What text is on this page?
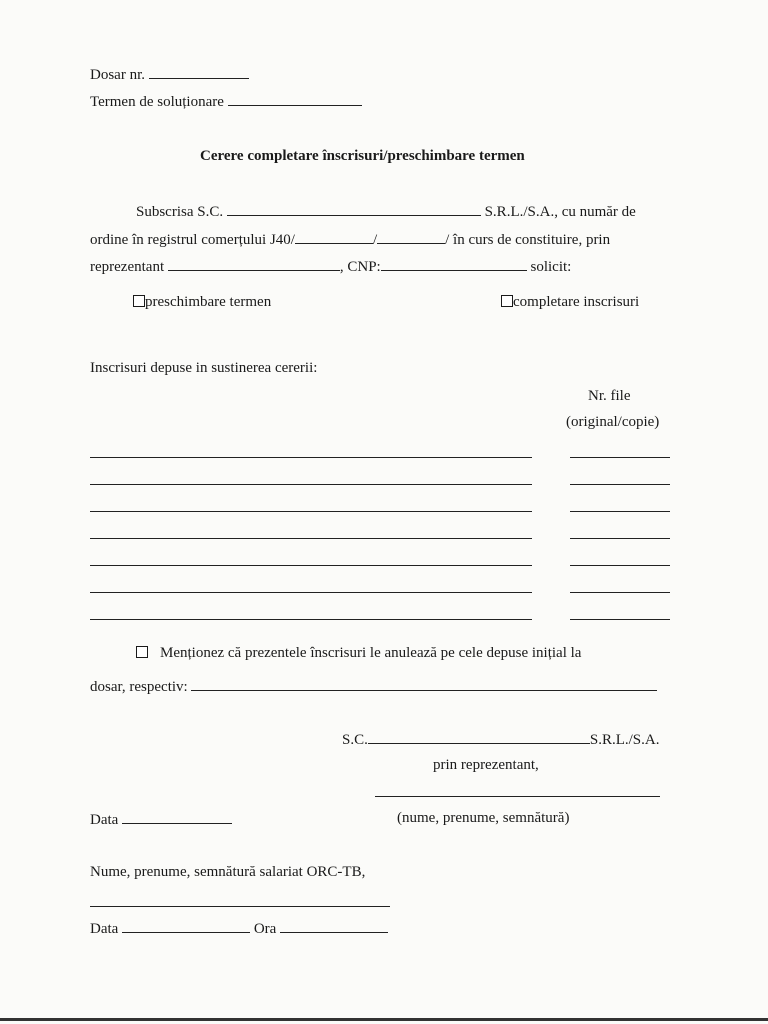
Dosar nr.
Termen de soluționare
Cerere completare înscrisuri/preschimbare termen
Subscrisa S.C.	S.R.L./S.A., cu număr de
ordine în registrul comerțului J40/	/	/ în curs de constituire, prin
reprezentant	, CNP:	solicit:
preschimbare termen	completare inscrisuri
Inscrisuri depuse in sustinerea cererii:
Nr. file
(original/copie)
Menționez că prezentele înscrisuri le anulează pe cele depuse inițial la
dosar, respectiv:
S.C.	S.R.L./S.A.
prin reprezentant,
Data	(nume, prenume, semnătură)
Nume, prenume, semnătură salariat ORC-TB,
Data	Ora
